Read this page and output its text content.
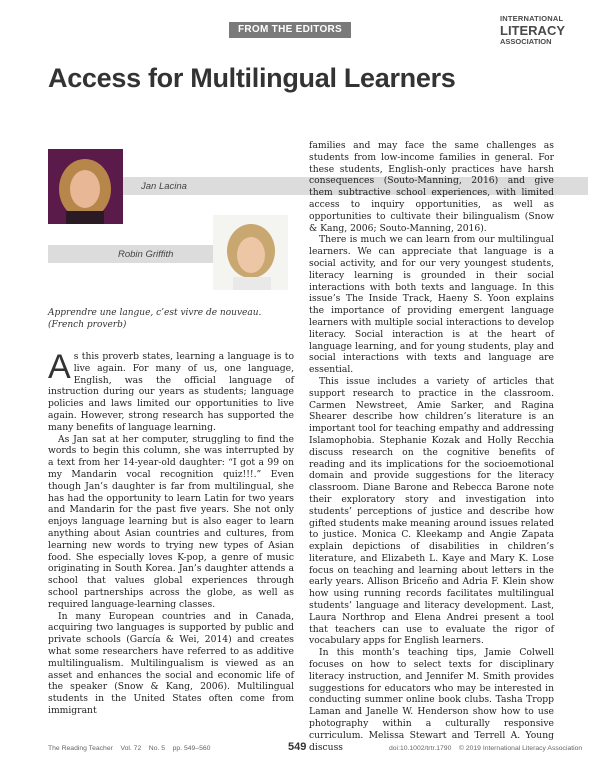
FROM THE EDITORS
INTERNATIONAL
LITERACY
ASSOCIATION
Access for Multilingual Learners
Jan Lacina
Robin Griffith
Apprendre une langue, c’est vivre de nouveau. (French proverb)

As this proverb states, learning a language is to live again. For many of us, one language, English, was the official language of instruction during our years as students; language policies and laws limited our opportunities to live again. However, strong research has supported the many benefits of language learning.

As Jan sat at her computer, struggling to find the words to begin this column, she was interrupted by a text from her 14-year-old daughter: “I got a 99 on my Mandarin vocal recognition quiz!!!.” Even though Jan’s daughter is far from multilingual, she has had the opportunity to learn Latin for two years and Mandarin for the past five years. She not only enjoys language learning but is also eager to learn anything about Asian countries and cultures, from learning new words to trying new types of Asian food. She especially loves K-pop, a genre of music originating in South Korea. Jan’s daughter attends a school that values global experiences through school partnerships across the globe, as well as required language-learning classes.

In many European countries and in Canada, acquiring two languages is supported by public and private schools (García & Wei, 2014) and creates what some researchers have referred to as additive multilingualism. Multilingualism is viewed as an asset and enhances the social and economic life of the speaker (Snow & Kang, 2006). Multilingual students in the United States often come from immigrant

families and may face the same challenges as students from low-income families in general. For these students, English-only practices have harsh consequences (Souto-Manning, 2016) and give them subtractive school experiences, with limited access to inquiry opportunities, as well as opportunities to cultivate their bilingualism (Snow & Kang, 2006; Souto-Manning, 2016).

There is much we can learn from our multilingual learners. We can appreciate that language is a social activity, and for our very youngest students, literacy learning is grounded in their social interactions with both texts and language. In this issue’s The Inside Track, Haeny S. Yoon explains the importance of providing emergent language learners with multiple social interactions to develop literacy. Social interaction is at the heart of language learning, and for young students, play and social interactions with texts and language are essential.

This issue includes a variety of articles that support research to practice in the classroom. Carmen Newstreet, Amie Sarker, and Ragina Shearer describe how children’s literature is an important tool for teaching empathy and addressing Islamophobia. Stephanie Kozak and Holly Recchia discuss research on the cognitive benefits of reading and its implications for the socioemotional domain and provide suggestions for the literacy classroom. Diane Barone and Rebecca Barone note their exploratory story and investigation into students’ perceptions of justice and describe how gifted students make meaning around issues related to justice. Monica C. Kleekamp and Angie Zapata explain depictions of disabilities in children’s literature, and Elizabeth L. Kaye and Mary K. Lose focus on teaching and learning about letters in the early years. Allison Briceño and Adria F. Klein show how using running records facilitates multilingual students’ language and literacy development. Last, Laura Northrop and Elena Andrei present a tool that teachers can use to evaluate the rigor of vocabulary apps for English learners.

In this month’s teaching tips, Jamie Colwell focuses on how to select texts for disciplinary literacy instruction, and Jennifer M. Smith provides suggestions for educators who may be interested in conducting summer online book clubs. Tasha Tropp Laman and Janelle W. Henderson show how to use photography within a culturally responsive curriculum. Melissa Stewart and Terrell A. Young discuss

The Reading Teacher Vol. 72 No. 5 pp. 549–560	549	doi:10.1002/trtr.1790 © 2019 International Literacy Association
